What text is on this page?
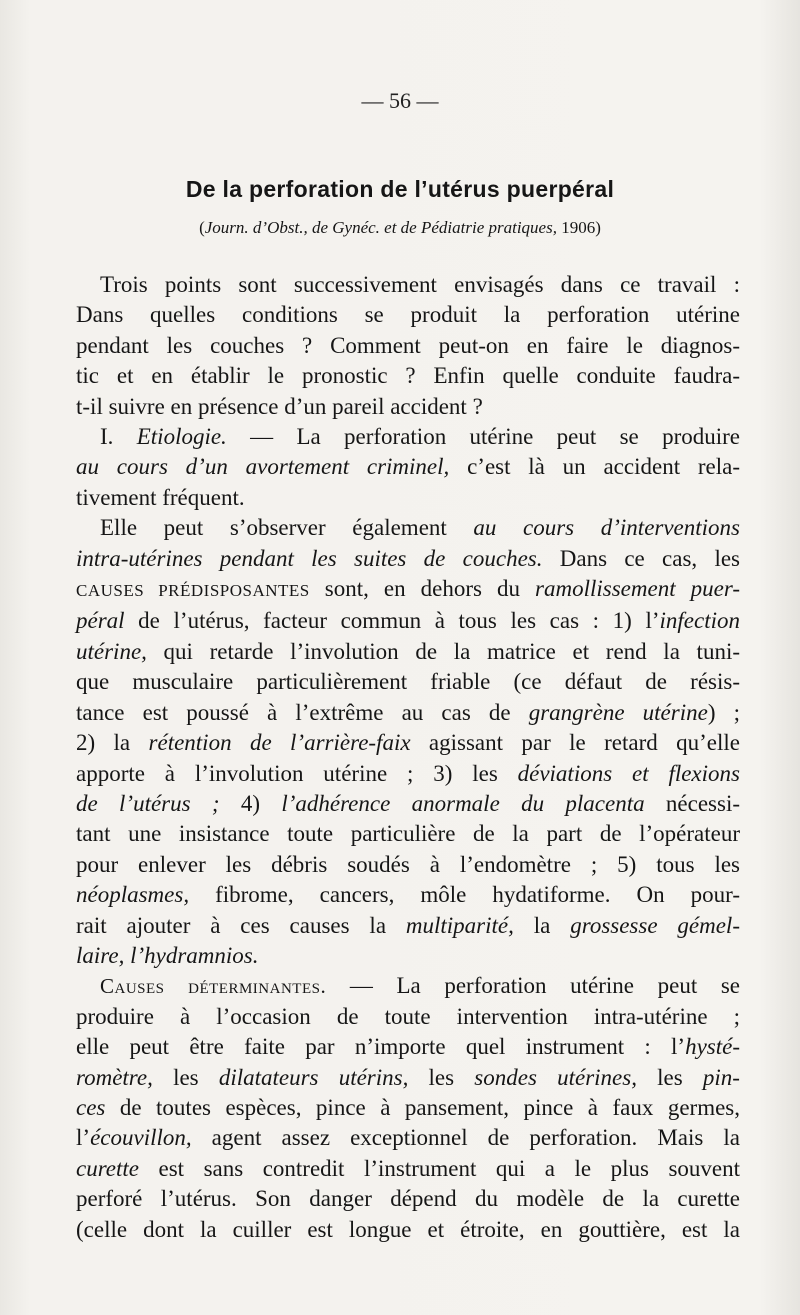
— 56 —
De la perforation de l’utérus puerpéral
(Journ. d’Obst., de Gynéc. et de Pédiatrie pratiques, 1906)

Trois points sont successivement envisagés dans ce travail :

Dans quelles conditions se produit la perforation utérine

pendant les couches ? Comment peut-on en faire le diagnos-

tic et en établir le pronostic ? Enfin quelle conduite faudra-

t-il suivre en présence d’un pareil accident ?

I. Etiologie. — La perforation utérine peut se produire

au cours d’un avortement criminel, c’est là un accident rela-

tivement fréquent.

Elle peut s’observer également au cours d’interventions

intra-utérines pendant les suites de couches. Dans ce cas, les

CAUSES PRÉDISPOSANTES sont, en dehors du ramollissement puer-

péral de l’utérus, facteur commun à tous les cas : 1) l’infection

utérine, qui retarde l’involution de la matrice et rend la tuni-

que musculaire particulièrement friable (ce défaut de résis-

tance est poussé à l’extrême au cas de grangrène utérine) ;

2) la rétention de l’arrière-faix agissant par le retard qu’elle

apporte à l’involution utérine ; 3) les déviations et flexions

de l’utérus ; 4) l’adhérence anormale du placenta nécessi-

tant une insistance toute particulière de la part de l’opérateur

pour enlever les débris soudés à l’endomètre ; 5) tous les

néoplasmes, fibrome, cancers, môle hydatiforme. On pour-

rait ajouter à ces causes la multiparité, la grossesse gémel-

laire, l’hydramnios.

Causes déterminantes. — La perforation utérine peut se

produire à l’occasion de toute intervention intra-utérine ;

elle peut être faite par n’importe quel instrument : l’hysté-

romètre, les dilatateurs utérins, les sondes utérines, les pin-

ces de toutes espèces, pince à pansement, pince à faux germes,

l’écouvillon, agent assez exceptionnel de perforation. Mais la

curette est sans contredit l’instrument qui a le plus souvent

perforé l’utérus. Son danger dépend du modèle de la curette

(celle dont la cuiller est longue et étroite, en gouttière, est la
